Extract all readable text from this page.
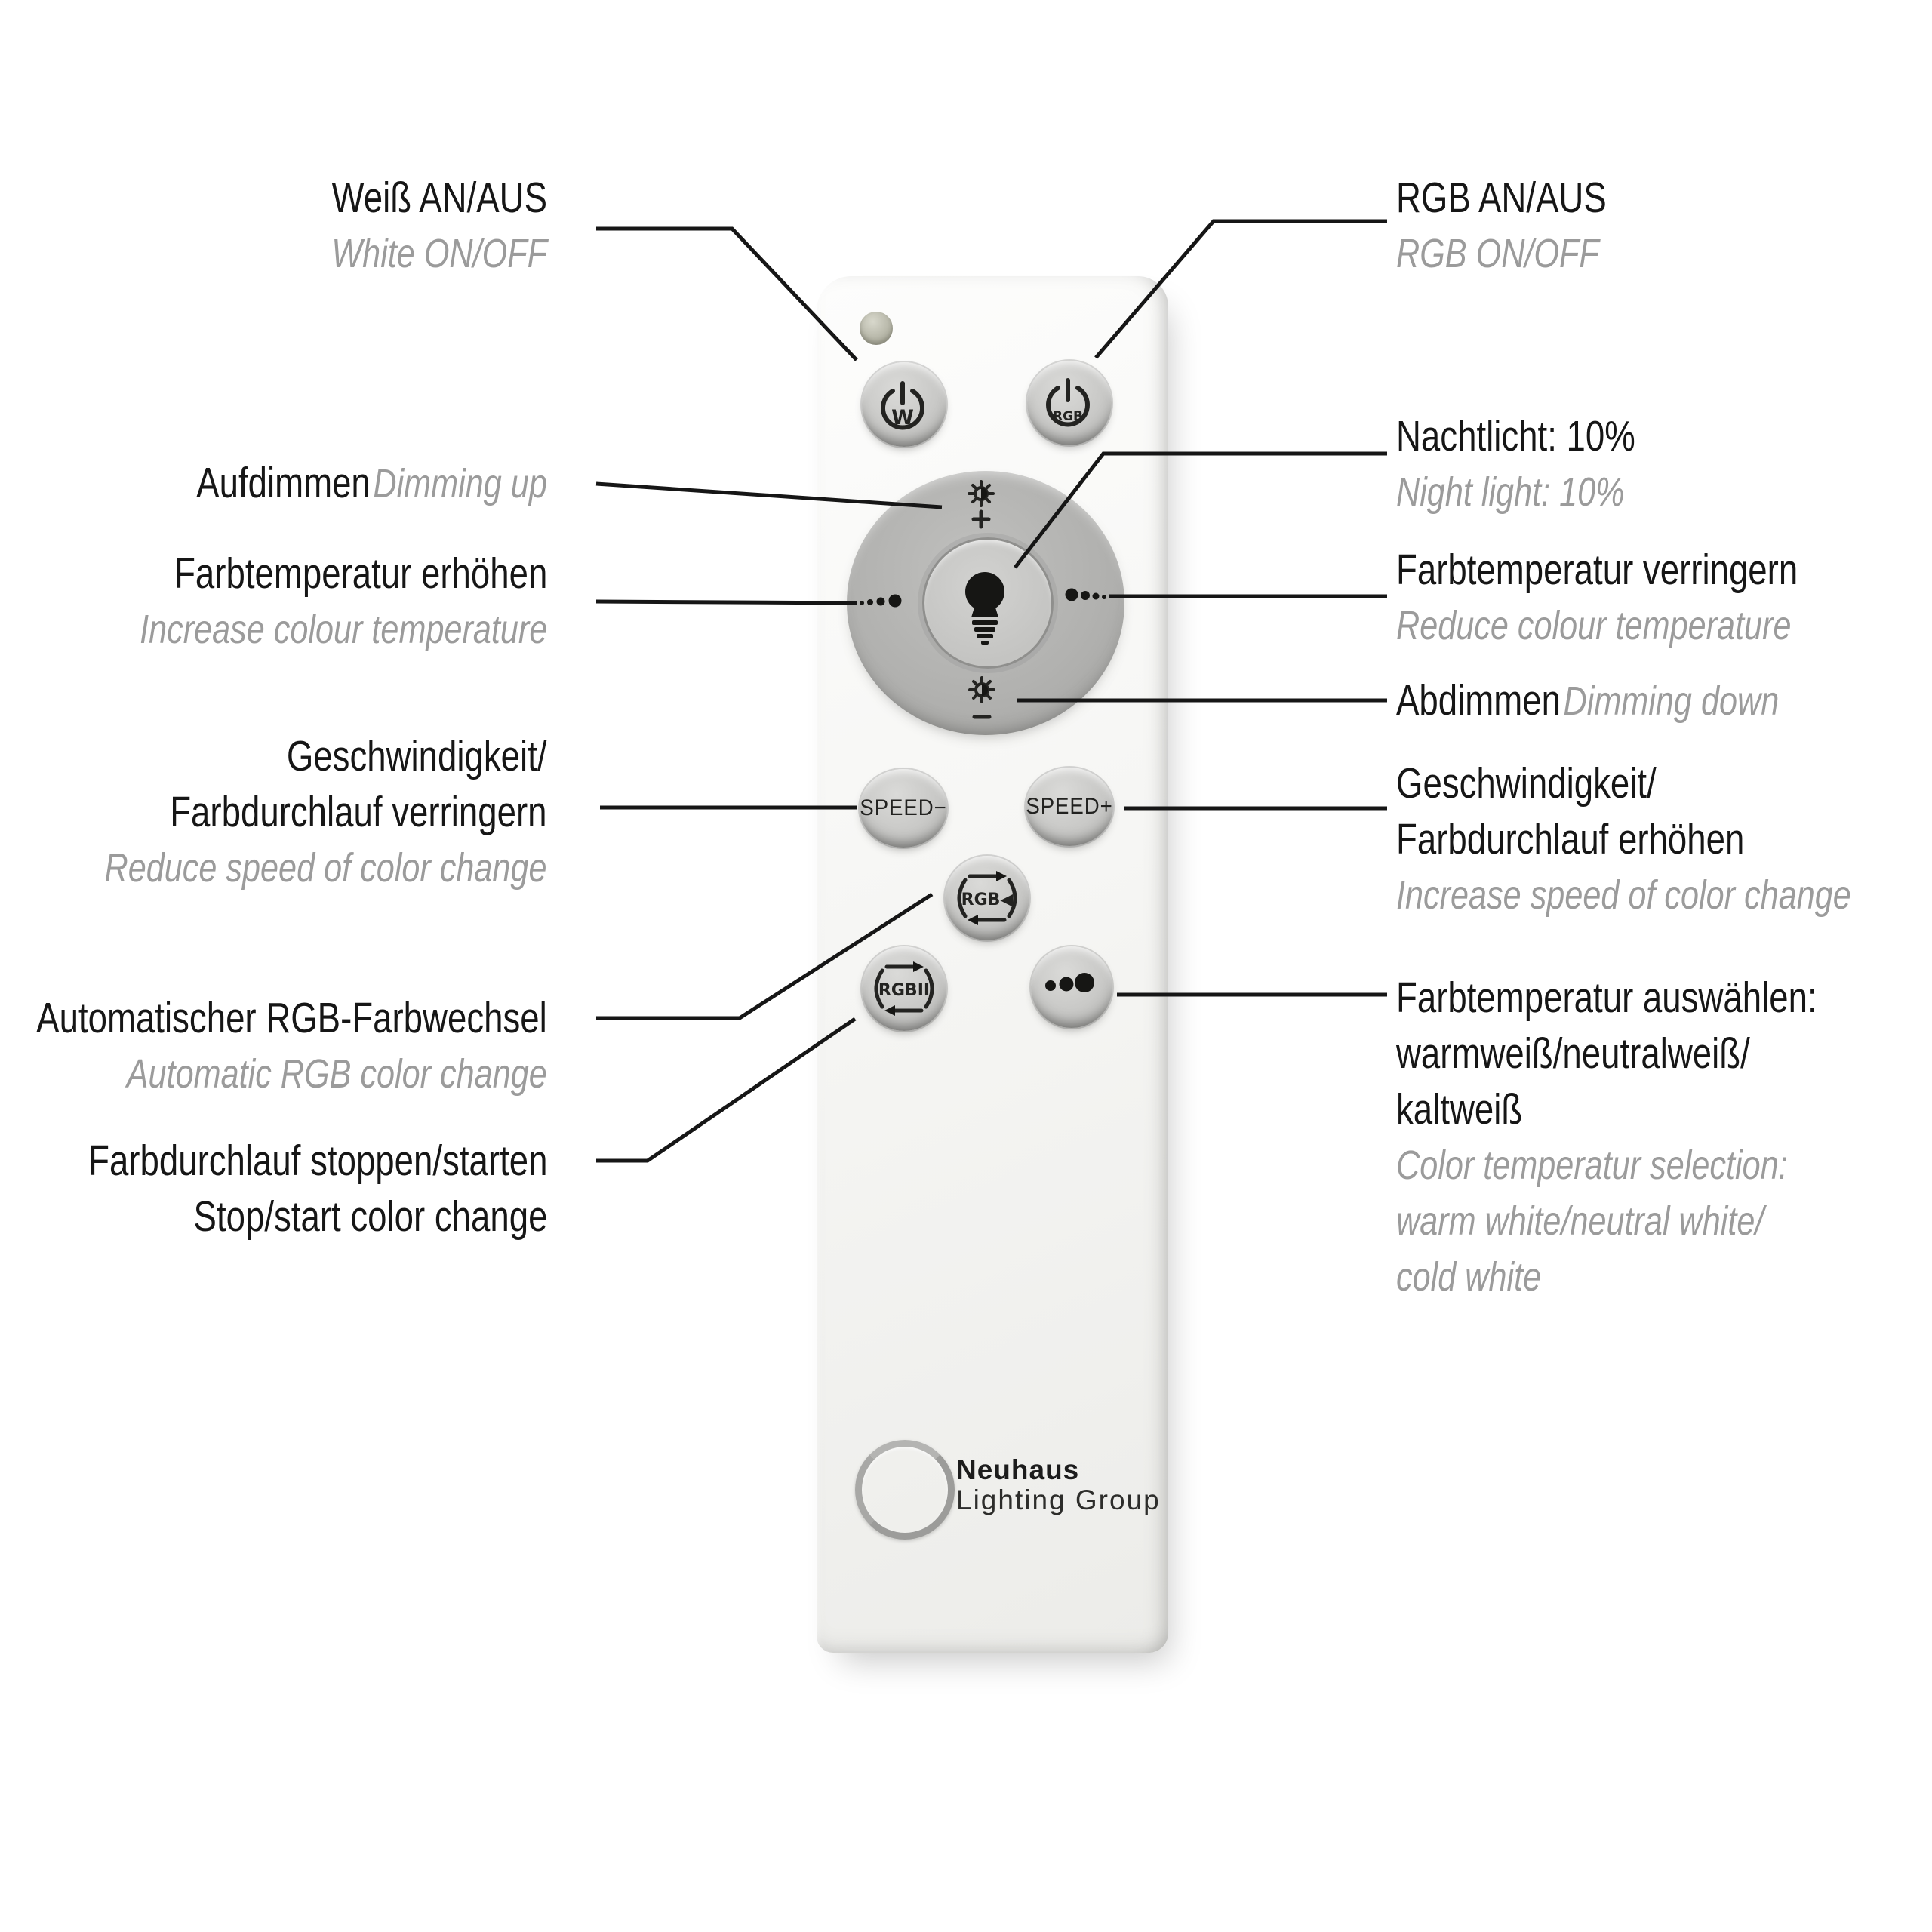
Weiß AN/AUS
White ON/OFF
Aufdimmen Dimming up
Farbtemperatur erhöhen
Increase colour temperature
Geschwindigkeit/
Farbdurchlauf verringern
Reduce speed of color change
Automatischer RGB-Farbwechsel
Automatic RGB color change
Farbdurchlauf stoppen/starten
Stop/start color change
RGB AN/AUS
RGB ON/OFF
Nachtlicht: 10%
Night light: 10%
Farbtemperatur verringern
Reduce colour temperature
Abdimmen Dimming down
Geschwindigkeit/
Farbdurchlauf erhöhen
Increase speed of color change
Farbtemperatur auswählen:
warmweiß/neutralweiß/
kaltweiß
Color temperatur selection:
warm white/neutral white/
cold white
SPEED−	SPEED+
Neuhaus
Lighting Group
W	RGB
RGB◀
RGBII
